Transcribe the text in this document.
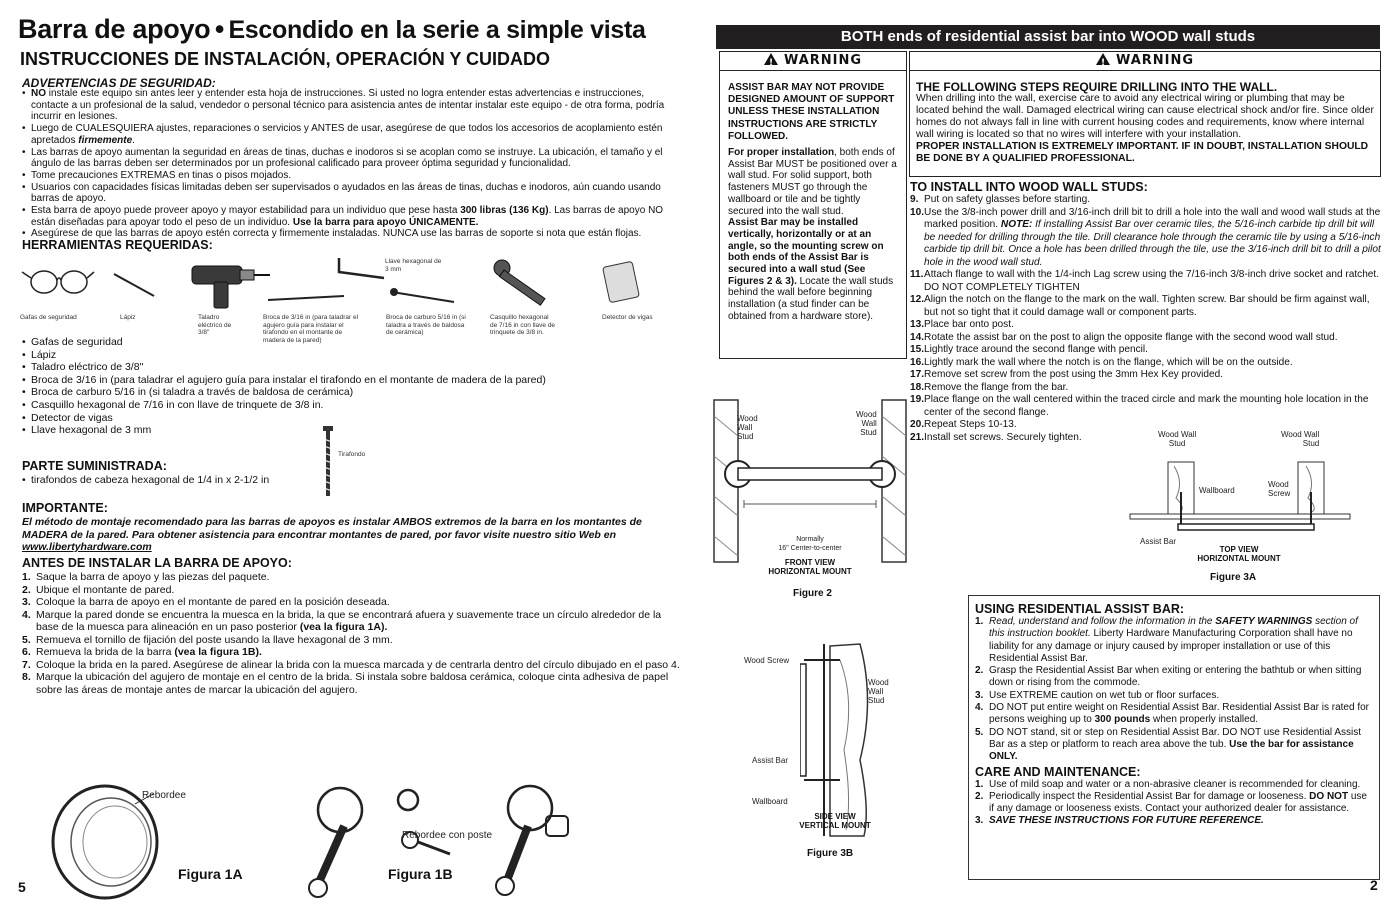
Barra de apoyo • Escondido en la serie a simple vista
INSTRUCCIONES DE INSTALACIÓN, OPERACIÓN Y CUIDADO
ADVERTENCIAS DE SEGURIDAD:
• NO instale este equipo sin antes leer y entender esta hoja de instrucciones. Si usted no logra entender estas advertencias e instrucciones, contacte a un profesional de la salud, vendedor o personal técnico para asistencia antes de intentar instalar este equipo - de otra forma, podría incurrir en lesiones.
• Luego de CUALESQUIERA ajustes, reparaciones o servicios y ANTES de usar, asegúrese de que todos los accesorios de acoplamiento estén apretados firmemente.
• Las barras de apoyo aumentan la seguridad en áreas de tinas, duchas e inodoros si se acoplan como se instruye. La ubicación, el tamaño y el ángulo de las barras deben ser determinados por un profesional calificado para proveer óptima seguridad y funcionalidad.
• Tome precauciones EXTREMAS en tinas o pisos mojados.
• Usuarios con capacidades físicas limitadas deben ser supervisados o ayudados en las áreas de tinas, duchas e inodoros, aún cuando usando barras de apoyo.
• Esta barra de apoyo puede proveer apoyo y mayor estabilidad para un individuo que pese hasta 300 libras (136 Kg). Las barras de apoyo NO están diseñadas para apoyar todo el peso de un individuo. Use la barra para apoyo ÚNICAMENTE.
• Asegúrese de que las barras de apoyo estén correcta y firmemente instaladas. NUNCA use las barras de soporte si nota que están flojas.
HERRAMIENTAS REQUERIDAS:
Llave hexagonal de 3 mm
Gafas de seguridad	Lápiz	Taladro eléctrico de 3/8"
Broca de 3/16 in (para taladrar el agujero guía para instalar el tirafondo en el montante de madera de la pared)
Broca de carburo 5/16 in (si taladra a través de baldosa de cerámica)
Casquillo hexagonal de 7/16 in con llave de trinquete de 3/8 in.
Detector de vigas
• Gafas de seguridad
• Lápiz
• Taladro eléctrico de 3/8"
• Broca de 3/16 in (para taladrar el agujero guía para instalar el tirafondo en el montante de madera de la pared)
• Broca de carburo 5/16 in (si taladra a través de baldosa de cerámica)
• Casquillo hexagonal de 7/16 in con llave de trinquete de 3/8 in.
• Detector de vigas
• Llave hexagonal de 3 mm
Tirafondo
PARTE SUMINISTRADA:
• tirafondos de cabeza hexagonal de 1/4 in x 2-1/2 in
IMPORTANTE:
El método de montaje recomendado para las barras de apoyos es instalar AMBOS extremos de la barra en los montantes de MADERA de la pared. Para obtener asistencia para encontrar montantes de pared, por favor visite nuestro sitio Web en www.libertyhardware.com
ANTES DE INSTALAR LA BARRA DE APOYO:
1. Saque la barra de apoyo y las piezas del paquete.
2. Ubique el montante de pared.
3. Coloque la barra de apoyo en el montante de pared en la posición deseada.
4. Marque la pared donde se encuentra la muesca en la brida, la que se encontrará afuera y suavemente trace un círculo alrededor de la base de la muesca para alineación en un paso posterior (vea la figura 1A).
5. Remueva el tornillo de fijación del poste usando la llave hexagonal de 3 mm.
6. Remueva la brida de la barra (vea la figura 1B).
7. Coloque la brida en la pared. Asegúrese de alinear la brida con la muesca marcada y de centrarla dentro del círculo dibujado en el paso 4.
8. Marque la ubicación del agujero de montaje en el centro de la brida. Si instala sobre baldosa cerámica, coloque cinta adhesiva de papel sobre las áreas de montaje antes de marcar la ubicación del agujero.
Rebordee
Figura 1A
Rebordee con poste
Figura 1B
5
BOTH ends of residential assist bar into WOOD wall studs
!WARNING
ASSIST BAR MAY NOT PROVIDE DESIGNED AMOUNT OF SUPPORT UNLESS THESE INSTALLATION INSTRUCTIONS ARE STRICTLY FOLLOWED.
For proper installation, both ends of Assist Bar MUST be positioned over a wall stud. For solid support, both fasteners MUST go through the wallboard or tile and be tightly secured into the wall stud.
Assist Bar may be installed vertically, horizontally or at an angle, so the mounting screw on both ends of the Assist Bar is secured into a wall stud (See Figures 2 & 3). Locate the wall studs behind the wall before beginning installation (a stud finder can be obtained from a hardware store).
!WARNING
THE FOLLOWING STEPS REQUIRE DRILLING INTO THE WALL.
When drilling into the wall, exercise care to avoid any electrical wiring or plumbing that may be located behind the wall. Damaged electrical wiring can cause electrical shock and/or fire. Since older homes do not always fall in line with current housing codes and requirements, know where internal wall wiring is located so that no wires will interfere with your installation.
PROPER INSTALLATION IS EXTREMELY IMPORTANT. IF IN DOUBT, INSTALLATION SHOULD BE DONE BY A QUALIFIED PROFESSIONAL.
TO INSTALL INTO WOOD WALL STUDS:
9. Put on safety glasses before starting.
10. Use the 3/8-inch power drill and 3/16-inch drill bit to drill a hole into the wall and wood wall studs at the marked position. NOTE: If installing Assist Bar over ceramic tiles, the 5/16-inch carbide tip drill bit will be needed for drilling through the tile. Drill clearance hole through the ceramic tile by using a 5/16-inch carbide tip drill bit. Once a hole has been drilled through the tile, use the 3/16-inch drill bit to drill a pilot hole in the wood wall stud.
11. Attach flange to wall with the 1/4-inch Lag screw using the 7/16-inch 3/8-inch drive socket and ratchet. DO NOT COMPLETELY TIGHTEN
12. Align the notch on the flange to the mark on the wall. Tighten screw. Bar should be firm against wall, but not so tight that it could damage wall or component parts.
13. Place bar onto post.
14. Rotate the assist bar on the post to align the opposite flange with the second wood wall stud.
15. Lightly trace around the second flange with pencil.
16. Lightly mark the wall where the notch is on the flange, which will be on the outside.
17. Remove set screw from the post using the 3mm Hex Key provided.
18. Remove the flange from the bar.
19. Place flange on the wall centered within the traced circle and mark the mounting hole location in the center of the second flange.
20. Repeat Steps 10-13.
21. Install set screws. Securely tighten.
Wood
Wall
Stud
Wood
Wall
Stud
Normally
16" Center-to-center
FRONT VIEW
HORIZONTAL MOUNT
Figure 2
Wood Screw
Wood
Wall
Stud
Assist Bar
Wallboard
SIDE VIEW
VERTICAL MOUNT
Figure 3B
Wood Wall
Stud
Wood Wall
Stud
Wallboard
Wood
Screw
Assist Bar
TOP VIEW
HORIZONTAL MOUNT
Figure 3A
USING RESIDENTIAL ASSIST BAR:
1. Read, understand and follow the information in the SAFETY WARNINGS section of this instruction booklet. Liberty Hardware Manufacturing Corporation shall have no liability for any damage or injury caused by improper installation or use of this Residential Assist Bar.
2. Grasp the Residential Assist Bar when exiting or entering the bathtub or when sitting down or rising from the commode.
3. Use EXTREME caution on wet tub or floor surfaces.
4. DO NOT put entire weight on Residential Assist Bar. Residential Assist Bar is rated for persons weighing up to 300 pounds when properly installed.
5. DO NOT stand, sit or step on Residential Assist Bar. DO NOT use Residential Assist Bar as a step or platform to reach area above the tub. Use the bar for assistance ONLY.
CARE AND MAINTENANCE:
1. Use of mild soap and water or a non-abrasive cleaner is recommended for cleaning.
2. Periodically inspect the Residential Assist Bar for damage or looseness. DO NOT use if any damage or looseness exists. Contact your authorized dealer for assistance.
3. SAVE THESE INSTRUCTIONS FOR FUTURE REFERENCE.
2
